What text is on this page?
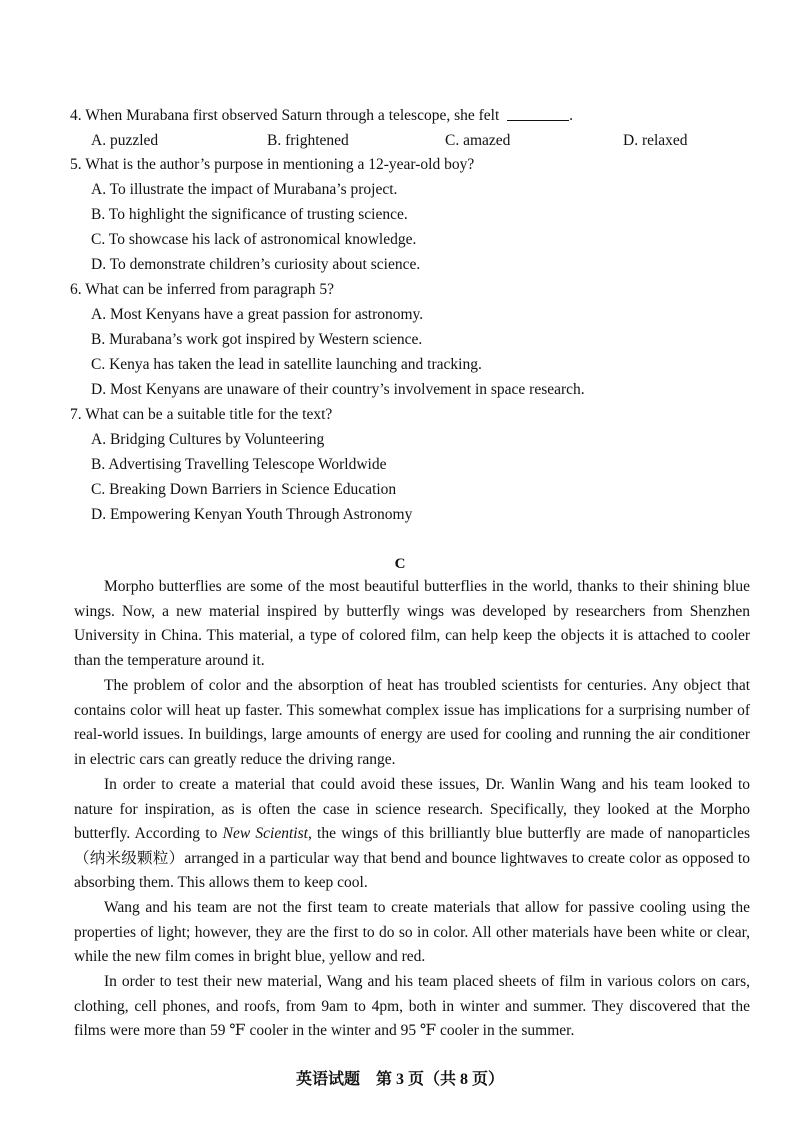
4. When Murabana first observed Saturn through a telescope, she felt	.
A. puzzled	B. frightened	C. amazed	D. relaxed
5. What is the author’s purpose in mentioning a 12-year-old boy?
A. To illustrate the impact of Murabana’s project.
B. To highlight the significance of trusting science.
C. To showcase his lack of astronomical knowledge.
D. To demonstrate children’s curiosity about science.
6. What can be inferred from paragraph 5?
A. Most Kenyans have a great passion for astronomy.
B. Murabana’s work got inspired by Western science.
C. Kenya has taken the lead in satellite launching and tracking.
D. Most Kenyans are unaware of their country’s involvement in space research.
7. What can be a suitable title for the text?
A. Bridging Cultures by Volunteering
B. Advertising Travelling Telescope Worldwide
C. Breaking Down Barriers in Science Education
D. Empowering Kenyan Youth Through Astronomy
C

Morpho butterflies are some of the most beautiful butterflies in the world, thanks to their shining blue wings. Now, a new material inspired by butterfly wings was developed by researchers from Shenzhen University in China. This material, a type of colored film, can help keep the objects it is attached to cooler than the temperature around it.

The problem of color and the absorption of heat has troubled scientists for centuries. Any object that contains color will heat up faster. This somewhat complex issue has implications for a surprising number of real-world issues. In buildings, large amounts of energy are used for cooling and running the air conditioner in electric cars can greatly reduce the driving range.

In order to create a material that could avoid these issues, Dr. Wanlin Wang and his team looked to nature for inspiration, as is often the case in science research. Specifically, they looked at the Morpho butterfly. According to New Scientist, the wings of this brilliantly blue butterfly are made of nanoparticles（纳米级颗粒）arranged in a particular way that bend and bounce lightwaves to create color as opposed to absorbing them. This allows them to keep cool.

Wang and his team are not the first team to create materials that allow for passive cooling using the properties of light; however, they are the first to do so in color. All other materials have been white or clear, while the new film comes in bright blue, yellow and red.

In order to test their new material, Wang and his team placed sheets of film in various colors on cars, clothing, cell phones, and roofs, from 9am to 4pm, both in winter and summer. They discovered that the films were more than 59 ℉ cooler in the winter and 95 ℉ cooler in the summer.

英语试题　第 3 页（共 8 页）
